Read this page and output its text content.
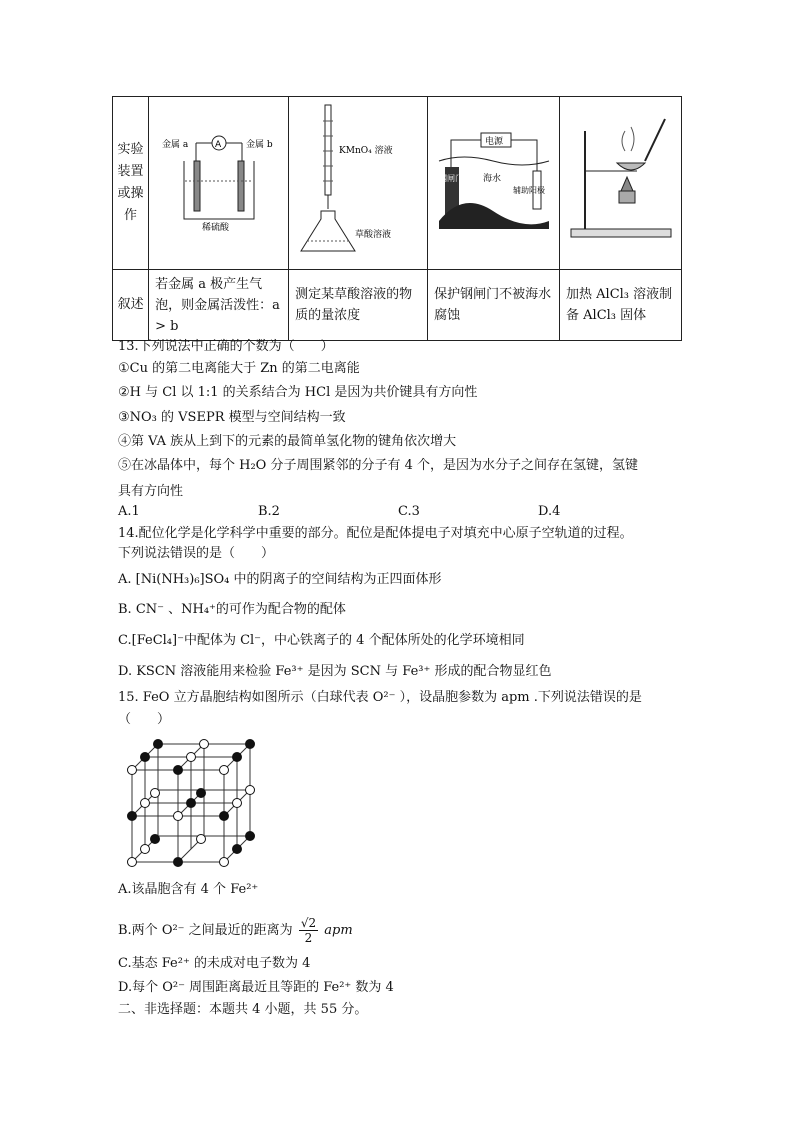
实验装置或操作	A
金属 a 金属 b
稀硫酸	KMnO₄ 溶液
草酸溶液	电源
钢闸门 海水
辅助阳极

叙述	若金属 a 极产生气泡，则金属活泼性：a > b	测定某草酸溶液的物质的量浓度	保护钢闸门不被海水腐蚀	加热 AlCl₃ 溶液制备 AlCl₃ 固体
13.下列说法中正确的个数为（　　）
①Cu 的第二电离能大于 Zn 的第二电离能
②H 与 Cl 以 1:1 的关系结合为 HCl 是因为共价键具有方向性
③NO₃ 的 VSEPR 模型与空间结构一致
④第 VA 族从上到下的元素的最简单氢化物的键角依次增大
⑤在冰晶体中，每个 H₂O 分子周围紧邻的分子有 4 个，是因为水分子之间存在氢键，氢键
具有方向性
A.1	B.2	C.3	D.4
14.配位化学是化学科学中重要的部分。配位是配体提电子对填充中心原子空轨道的过程。
下列说法错误的是（　　）
A. [Ni(NH₃)₆]SO₄ 中的阴离子的空间结构为正四面体形
B. CN⁻ 、NH₄⁺的可作为配合物的配体
C.[FeCl₄]⁻中配体为 Cl⁻，中心铁离子的 4 个配体所处的化学环境相同
D. KSCN 溶液能用来检验 Fe³⁺ 是因为 SCN 与 Fe³⁺ 形成的配合物显红色
15. FeO 立方晶胞结构如图所示（白球代表 O²⁻ ），设晶胞参数为 apm .下列说法错误的是
（　　）
A.该晶胞含有 4 个 Fe²⁺
B.两个 O²⁻ 之间最近的距离为 $\frac{√2}{2}$ apm
C.基态 Fe²⁺ 的未成对电子数为 4
D.每个 O²⁻ 周围距离最近且等距的 Fe²⁺ 数为 4
二、非选择题：本题共 4 小题，共 55 分。
